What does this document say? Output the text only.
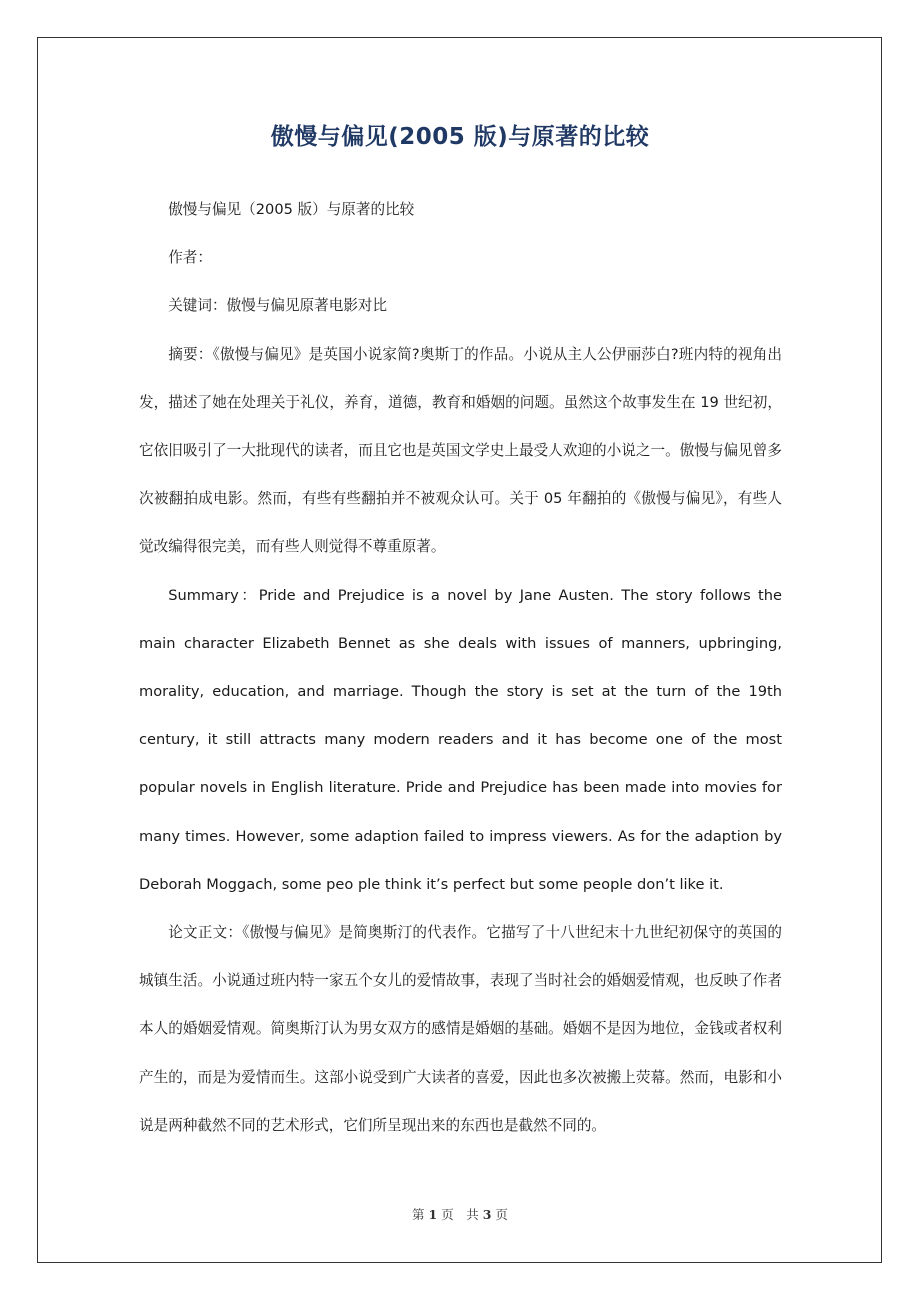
傲慢与偏见(2005 版)与原著的比较

傲慢与偏见（2005 版）与原著的比较

作者：

关键词：傲慢与偏见原著电影对比

摘要：《傲慢与偏见》是英国小说家简?奥斯丁的作品。小说从主人公伊丽莎白?班内特的视角出发，描述了她在处理关于礼仪，养育，道德，教育和婚姻的问题。虽然这个故事发生在 19 世纪初，它依旧吸引了一大批现代的读者，而且它也是英国文学史上最受人欢迎的小说之一。傲慢与偏见曾多次被翻拍成电影。然而，有些有些翻拍并不被观众认可。关于 05 年翻拍的《傲慢与偏见》，有些人觉改编得很完美，而有些人则觉得不尊重原著。

Summary：Pride and Prejudice is a novel by Jane Austen. The story follows the main character Elizabeth Bennet as she deals with issues of manners, upbringing, morality, education, and marriage. Though the story is set at the turn of the 19th century, it still attracts many modern readers and it has become one of the most popular novels in English literature. Pride and Prejudice has been made into movies for many times. However, some adaption failed to impress viewers. As for the adaption by Deborah Moggach, some peo ple think it’s perfect but some people don’t like it.

论文正文：《傲慢与偏见》是简奥斯汀的代表作。它描写了十八世纪末十九世纪初保守的英国的城镇生活。小说通过班内特一家五个女儿的爱情故事，表现了当时社会的婚姻爱情观，也反映了作者本人的婚姻爱情观。简奥斯汀认为男女双方的感情是婚姻的基础。婚姻不是因为地位，金钱或者权利产生的，而是为爱情而生。这部小说受到广大读者的喜爱，因此也多次被搬上荧幕。然而，电影和小说是两种截然不同的艺术形式，它们所呈现出来的东西也是截然不同的。

第 1 页　共 3 页
